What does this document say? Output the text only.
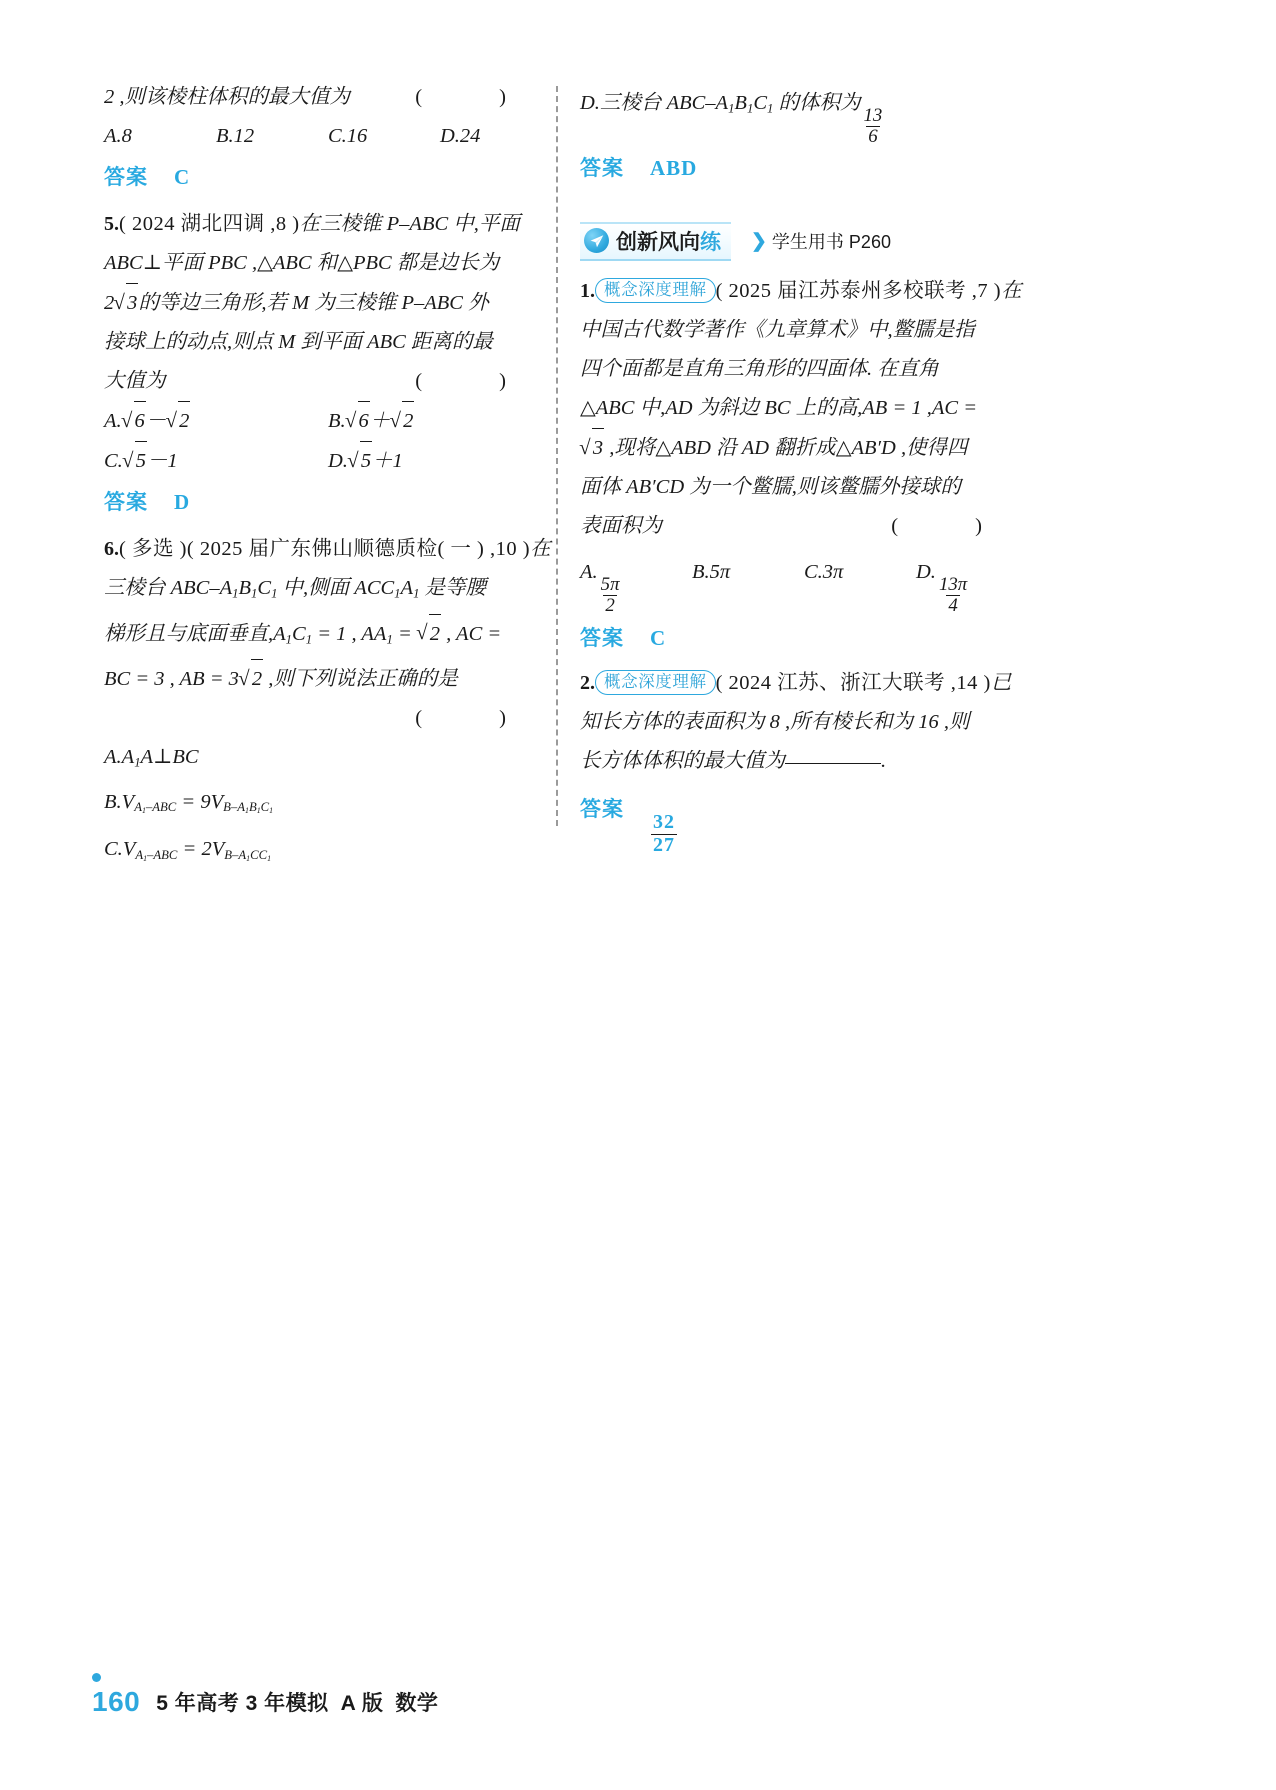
2 ,则该棱柱体积的最大值为	( )
A.8	B.12	C.16	D.24
答案 C
5.( 2024 湖北四调 ,8 )在三棱锥 P–ABC 中,平面
ABC⊥平面 PBC ,△ABC 和△PBC 都是边长为
2 √ 3的等边三角形,若 M 为三棱锥 P–ABC 外
接球上的动点,则点 M 到平面 ABC 距离的最
大值为	( )
A. √ 6－ √ 2	B. √ 6＋ √ 2
C. √ 5－1	D. √ 5＋1
答案 D
6.( 多选 )( 2025 届广东佛山顺德质检( 一 ) ,10 )在
三棱台 ABC–$A_1B_1C_1$ 中,侧面 $ACC_1A_1$ 是等腰
梯形且与底面垂直$,A_1C_1 = 1$ , $AA_1$ = √ 2 , AC =
BC = 3 , AB = 3 √ 2 ,则下列说法正确的是
( )
$A.A_1A\perp BC$
$B.V_{A_1-ABC} = 9V_{B-A_1B_1C_1}$
$C.V_{A_1-ABC} = 2V_{B-A_1CC_1}$
D.三棱台 ABC–$A_1B_1C_1$ 的体积为
$\frac{13}{6}$
答案 ABD
1. 概念深度理解 ( 2025 届江苏泰州多校联考 ,7 )在
中国古代数学著作《九章算术》中,鳖臑是指
四个面都是直角三角形的四面体. 在直角
△ABC 中,AD 为斜边 BC 上的高,AB = 1 ,AC =
√ 3 ,现将△ABD 沿 AD 翻折成△AB′D ,使得四
面体 AB′CD 为一个鳖臑,则该鳖臑外接球的
表面积为	( )
A.
$\frac{5\pi}{2}$
B.5π	C.3π	D.
$\frac{13\pi}{4}$
答案 C
2. 概念深度理解 ( 2024 江苏、浙江大联考 ,14 )已
知长方体的表面积为 8 ,所有棱长和为 16 ,则
长方体体积的最大值为	.
答案
$\frac{32}{27}$
创新风向练 ❯ 学生用书 P260
160 5 年高考 3 年模拟 A 版 数学
